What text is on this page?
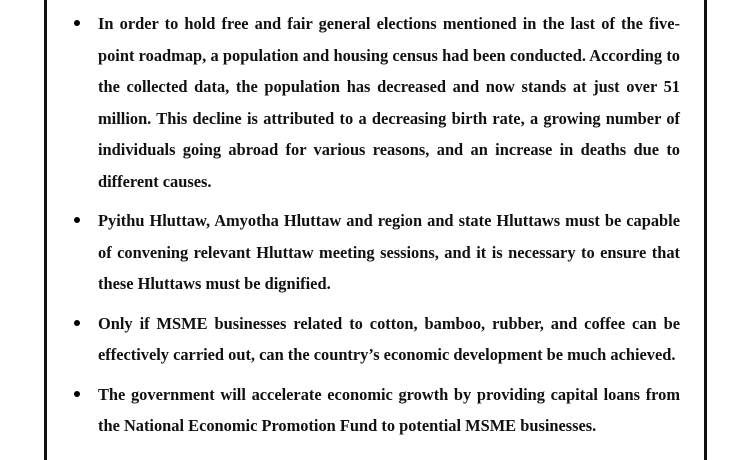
In order to hold free and fair general elections mentioned in the last of the five-point roadmap, a population and housing census had been conducted. According to the collected data, the population has decreased and now stands at just over 51 million. This decline is attributed to a decreasing birth rate, a growing number of individuals going abroad for various reasons, and an increase in deaths due to different causes.
Pyithu Hluttaw, Amyotha Hluttaw and region and state Hluttaws must be capable of convening relevant Hluttaw meeting sessions, and it is necessary to ensure that these Hluttaws must be dignified.
Only if MSME businesses related to cotton, bamboo, rubber, and coffee can be effectively carried out, can the country’s economic development be much achieved.
The government will accelerate economic growth by providing capital loans from the National Economic Promotion Fund to potential MSME businesses.
